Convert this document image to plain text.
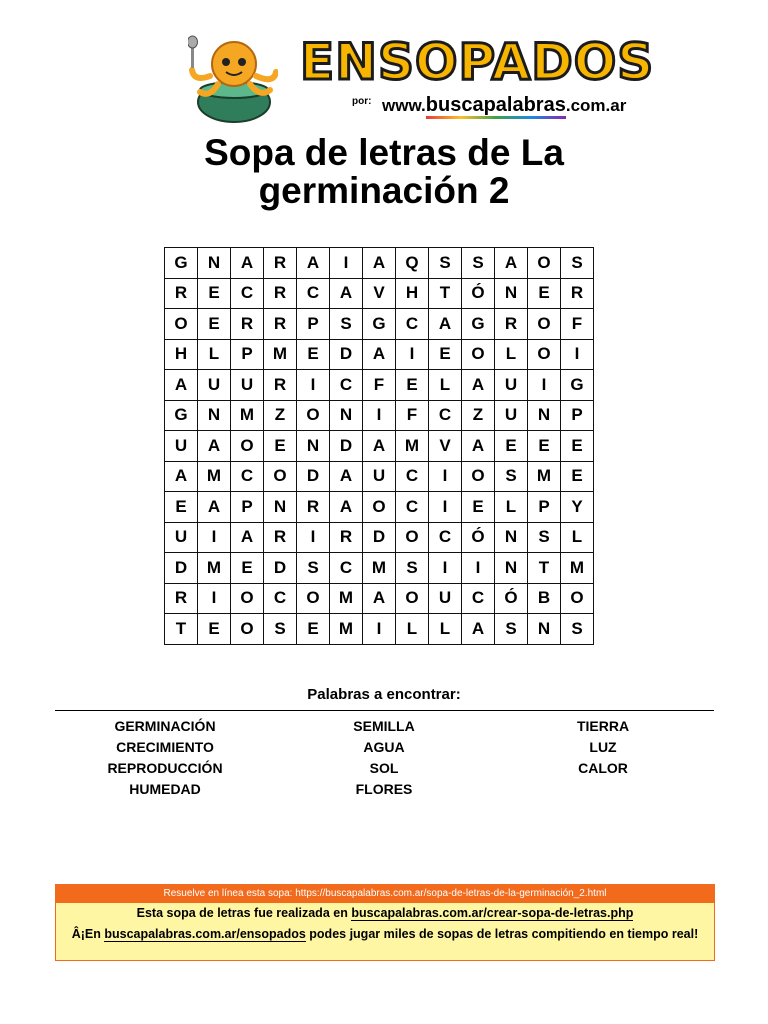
ENSOPADOS
por: www.buscapalabras.com.ar
Sopa de letras de La
germinación 2
G	N	A	R	A	I	A	Q	S	S	A	O	S
R	E	C	R	C	A	V	H	T	Ó	N	E	R
O	E	R	R	P	S	G	C	A	G	R	O	F
H	L	P	M	E	D	A	I	E	O	L	O	I
A	U	U	R	I	C	F	E	L	A	U	I	G
G	N	M	Z	O	N	I	F	C	Z	U	N	P
U	A	O	E	N	D	A	M	V	A	E	E	E
A	M	C	O	D	A	U	C	I	O	S	M	E
E	A	P	N	R	A	O	C	I	E	L	P	Y
U	I	A	R	I	R	D	O	C	Ó	N	S	L
D	M	E	D	S	C	M	S	I	I	N	T	M
R	I	O	C	O	M	A	O	U	C	Ó	B	O
T	E	O	S	E	M	I	L	L	A	S	N	S
Palabras a encontrar:
GERMINACIÓN
CRECIMIENTO
REPRODUCCIÓN
HUMEDAD
SEMILLA
AGUA
SOL
FLORES
TIERRA
LUZ
CALOR
Resuelve en línea esta sopa: https://buscapalabras.com.ar/sopa-de-letras-de-la-germinación_2.html
Esta sopa de letras fue realizada en buscapalabras.com.ar/crear-sopa-de-letras.php
Â¡En buscapalabras.com.ar/ensopados podes jugar miles de sopas de letras compitiendo en tiempo real!
